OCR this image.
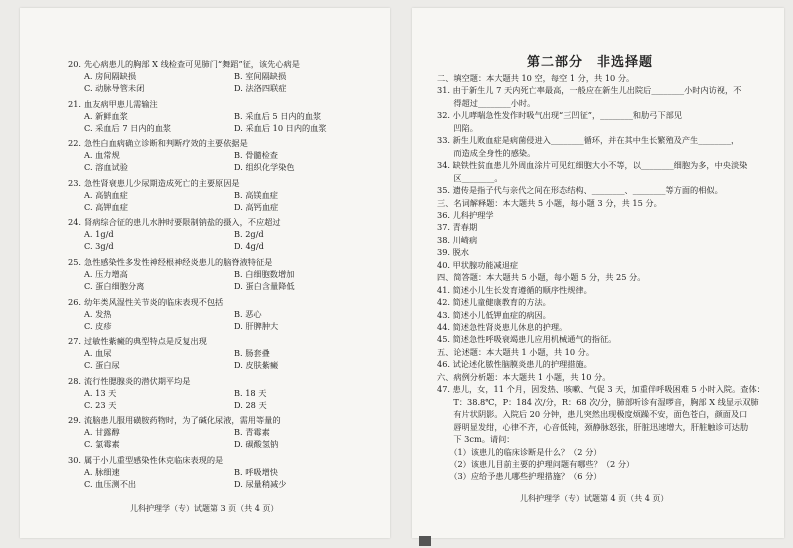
20. 先心病患儿的胸部 X 线检查可见肺门“舞蹈”征，该先心病是
A. 房间隔缺损	B. 室间隔缺损
C. 动脉导管未闭	D. 法洛四联症
21. 血友病甲患儿需输注
A. 新鲜血浆	B. 采血后 5 日内的血浆
C. 采血后 7 日内的血浆	D. 采血后 10 日内的血浆
22. 急性白血病确立诊断和判断疗效的主要依据是
A. 血常规	B. 骨髓检查
C. 溶血试验	D. 组织化学染色
23. 急性肾衰患儿少尿期造成死亡的主要原因是
A. 高钠血症	B. 高镁血症
C. 高钾血症	D. 高钙血症
24. 肾病综合征的患儿水肿时要限制钠盐的摄入，不应超过
A. 1g/d	B. 2g/d
C. 3g/d	D. 4g/d
25. 急性感染性多发性神经根神经炎患儿的脑脊液特征是
A. 压力增高	B. 白细胞数增加
C. 蛋白细胞分离	D. 蛋白含量降低
26. 幼年类风湿性关节炎的临床表现不包括
A. 发热	B. 恶心
C. 皮疹	D. 肝脾肿大
27. 过敏性紫癜的典型特点是反复出现
A. 血尿	B. 肠套叠
C. 蛋白尿	D. 皮肤紫癜
28. 流行性腮腺炎的潜伏期平均是
A. 13 天	B. 18 天
C. 23 天	D. 28 天
29. 流脑患儿服用磺胺药物时，为了碱化尿液，需用等量的
A. 甘露醇	B. 青霉素
C. 氯霉素	D. 碳酸氢钠
30. 属于小儿重型感染性休克临床表现的是
A. 脉细速	B. 呼吸增快
C. 血压测不出	D. 尿量稍减少
第二部分　非选择题
二、填空题：本大题共 10 空，每空 1 分，共 10 分。
31. 由于新生儿 7 天内死亡率最高，一般应在新生儿出院后________小时内访视，不
　　得超过________小时。
32. 小儿哮喘急性发作时吸气出现“三凹征”，________和肋弓下部见
　　凹陷。
33. 新生儿败血症是病菌侵进入________循环，并在其中生长繁殖及产生________，
　　而造成全身性的感染。
34. 缺铁性贫血患儿外周血涂片可见红细胞大小不等，以________细胞为多，中央淡染
　　区________。
35. 遗传是指子代与亲代之间在形态结构、________、________等方面的相似。
三、名词解释题：本大题共 5 小题，每小题 3 分，共 15 分。
36. 儿科护理学
37. 青春期
38. 川崎病
39. 脱水
40. 甲状腺功能减退症
四、简答题：本大题共 5 小题，每小题 5 分，共 25 分。
41. 简述小儿生长发育遵循的顺序性规律。
42. 简述儿童健康教育的方法。
43. 简述小儿低钾血症的病因。
44. 简述急性肾炎患儿休息的护理。
45. 简述急性呼吸衰竭患儿应用机械通气的指征。
五、论述题：本大题共 1 小题，共 10 分。
46. 试论述化脓性脑膜炎患儿的护理措施。
六、病例分析题：本大题共 1 小题，共 10 分。
47. 患儿，女，11 个月，因发热、咳嗽、气促 3 天，加重伴呼吸困难 5 小时入院。查体：
　　T：38.8℃，P：184 次/分，R：68 次/分，肺部听诊有湿啰音，胸部 X 线显示双肺
　　有片状阴影。入院后 20 分钟，患儿突然出现极度烦躁不安，面色苍白，颜面及口
　　唇明显发绀，心律不齐，心音低钝，颈静脉怒张，肝脏迅速增大，肝脏触诊可达肋
　　下 3cm。请问：
　　（1）该患儿的临床诊断是什么？（2 分）
　　（2）该患儿目前主要的护理问题有哪些？（2 分）
　　（3）应给予患儿哪些护理措施？（6 分）
儿科护理学（专）试题第 3 页（共 4 页）
儿科护理学（专）试题第 4 页（共 4 页）
